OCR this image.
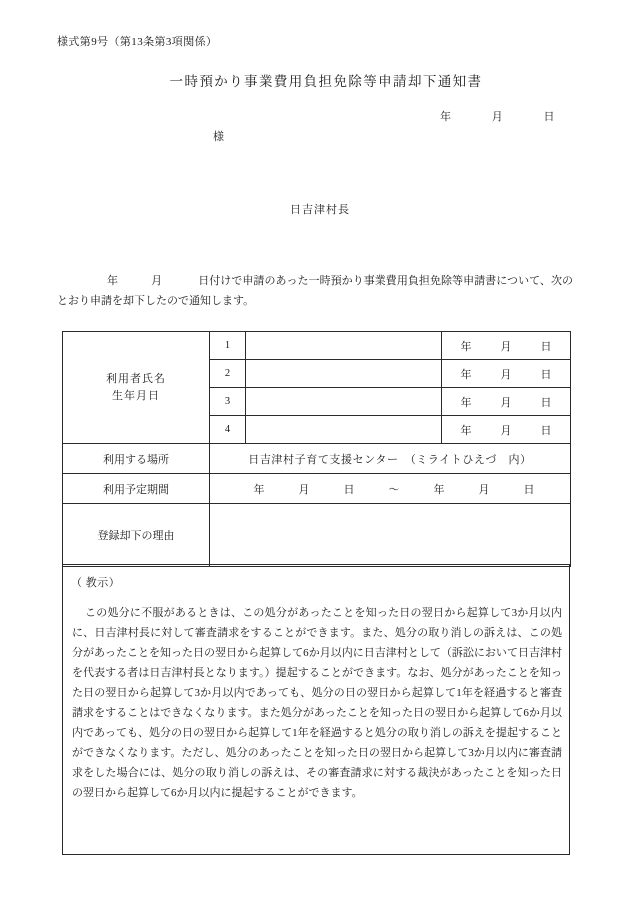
様式第9号（第13条第3項関係）
一時預かり事業費用負担免除等申請却下通知書
年	月	日
様
日吉津村長
年	月	日付けで申請のあった一時預かり事業費用負担免除等申請書について、次のとおり申請を却下したので通知します。
利用者氏名
生年月日
	1		年	月	日

	2		年 月 日

	3		年 月 日

	4		年 月 日

利用する場所	日吉津村子育て支援センター　（ミライトひえづ　内）		
利用予定期間	年	月	日	～	年	月	日

登録却下の理由			
（ 教示）
この処分に不服があるときは、この処分があったことを知った日の翌日から起算して3か月以内に、日吉津村長に対して審査請求をすることができます。また、処分の取り消しの訴えは、この処分があったことを知った日の翌日から起算して6か月以内に日吉津村として（訴訟において日吉津村を代表する者は日吉津村長となります。）提起することができます。なお、処分があったことを知った日の翌日から起算して3か月以内であっても、処分の日の翌日から起算して1年を経過すると審査請求をすることはできなくなります。また処分があったことを知った日の翌日から起算して6か月以内であっても、処分の日の翌日から起算して1年を経過すると処分の取り消しの訴えを提起することができなくなります。ただし、処分のあったことを知った日の翌日から起算して3か月以内に審査請求をした場合には、処分の取り消しの訴えは、その審査請求に対する裁決があったことを知った日の翌日から起算して6か月以内に提起することができます。
